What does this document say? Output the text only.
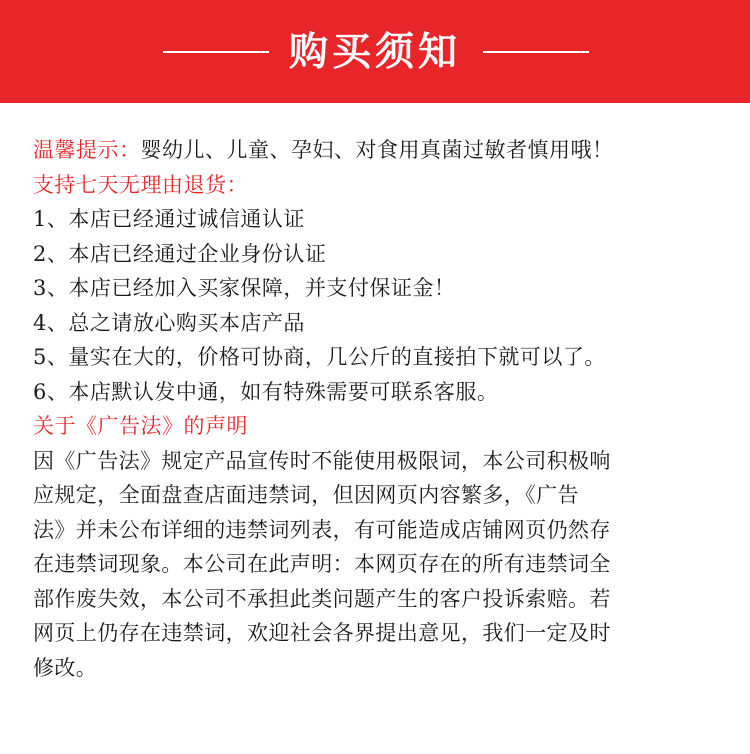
购买须知
温馨提示：婴幼儿、儿童、孕妇、对食用真菌过敏者慎用哦！
支持七天无理由退货：
1、本店已经通过诚信通认证
2、本店已经通过企业身份认证
3、本店已经加入买家保障，并支付保证金！
4、总之请放心购买本店产品
5、量实在大的，价格可协商，几公斤的直接拍下就可以了。
6、本店默认发中通，如有特殊需要可联系客服。
关于《广告法》的声明
因《广告法》规定产品宣传时不能使用极限词，本公司积极响
应规定，全面盘查店面违禁词，但因网页内容繁多，《广告
法》并未公布详细的违禁词列表，有可能造成店铺网页仍然存
在违禁词现象。本公司在此声明：本网页存在的所有违禁词全
部作废失效，本公司不承担此类问题产生的客户投诉索赔。若
网页上仍存在违禁词，欢迎社会各界提出意见，我们一定及时
修改。
